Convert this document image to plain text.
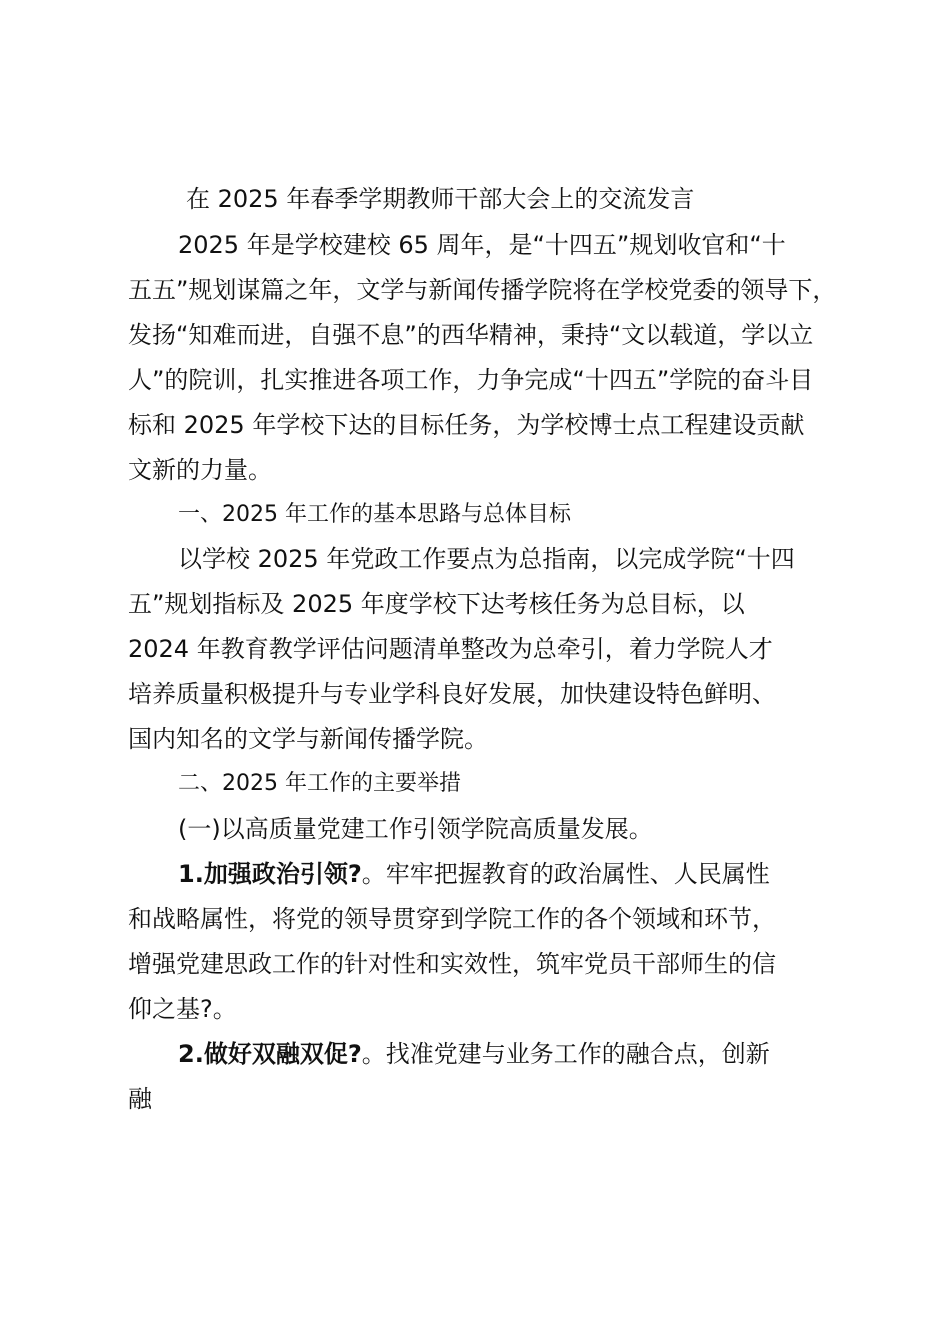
在 2025 年春季学期教师干部大会上的交流发言
2025 年是学校建校 65 周年，是“十四五”规划收官和“十
五五”规划谋篇之年，文学与新闻传播学院将在学校党委的领导下，
发扬“知难而进，自强不息”的西华精神，秉持“文以载道，学以立
人”的院训，扎实推进各项工作，力争完成“十四五”学院的奋斗目
标和 2025 年学校下达的目标任务，为学校博士点工程建设贡献
文新的力量。
一、2025 年工作的基本思路与总体目标
以学校 2025 年党政工作要点为总指南，以完成学院“十四
五”规划指标及 2025 年度学校下达考核任务为总目标，以
2024 年教育教学评估问题清单整改为总牵引，着力学院人才
培养质量积极提升与专业学科良好发展，加快建设特色鲜明、
国内知名的文学与新闻传播学院。
二、2025 年工作的主要举措
(一)以高质量党建工作引领学院高质量发展。
1.加强政治引领?。牢牢把握教育的政治属性、人民属性
和战略属性，将党的领导贯穿到学院工作的各个领域和环节，
增强党建思政工作的针对性和实效性，筑牢党员干部师生的信
仰之基?。
2.做好双融双促?。找准党建与业务工作的融合点，创新
融
